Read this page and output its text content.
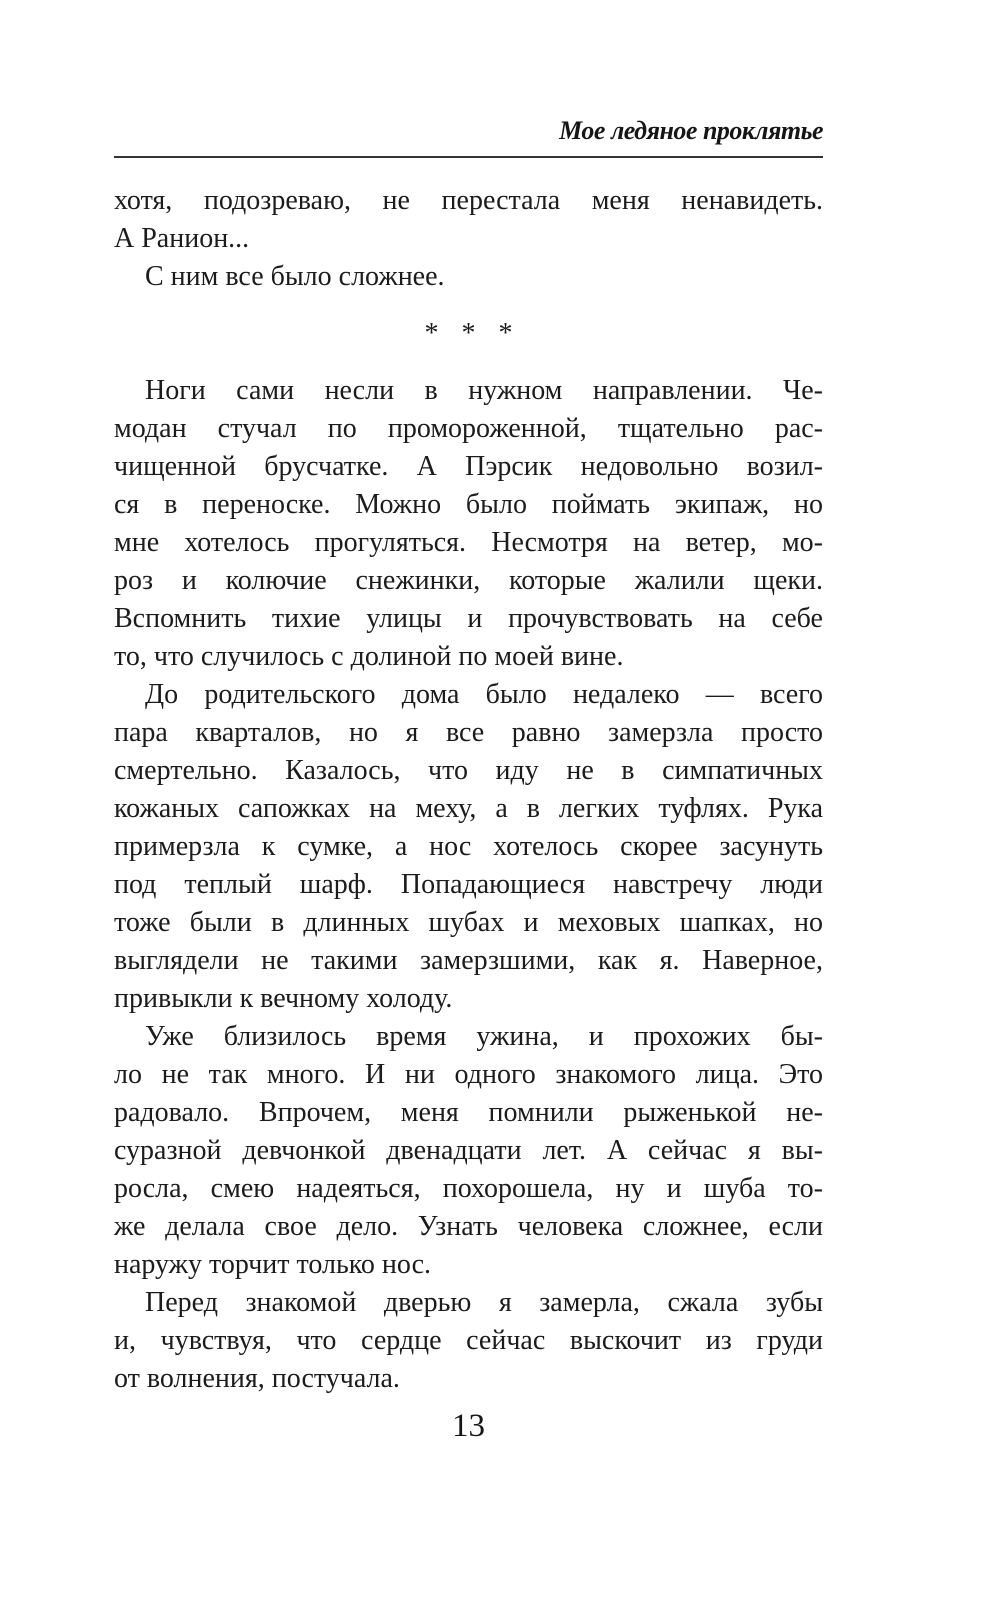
Мое ледяное проклятье
хотя, подозреваю, не перестала меня ненавидеть.
А Ранион...
С ним все было сложнее.
* * *
Ноги сами несли в нужном направлении. Че-
модан стучал по промороженной, тщательно рас-
чищенной брусчатке. А Пэрсик недовольно возил-
ся в переноске. Можно было поймать экипаж, но
мне хотелось прогуляться. Несмотря на ветер, мо-
роз и колючие снежинки, которые жалили щеки.
Вспомнить тихие улицы и прочувствовать на себе
то, что случилось с долиной по моей вине.
До родительского дома было недалеко — всего
пара кварталов, но я все равно замерзла просто
смертельно. Казалось, что иду не в симпатичных
кожаных сапожках на меху, а в легких туфлях. Рука
примерзла к сумке, а нос хотелось скорее засунуть
под теплый шарф. Попадающиеся навстречу люди
тоже были в длинных шубах и меховых шапках, но
выглядели не такими замерзшими, как я. Наверное,
привыкли к вечному холоду.
Уже близилось время ужина, и прохожих бы-
ло не так много. И ни одного знакомого лица. Это
радовало. Впрочем, меня помнили рыженькой не-
суразной девчонкой двенадцати лет. А сейчас я вы-
росла, смею надеяться, похорошела, ну и шуба то-
же делала свое дело. Узнать человека сложнее, если
наружу торчит только нос.
Перед знакомой дверью я замерла, сжала зубы
и, чувствуя, что сердце сейчас выскочит из груди
от волнения, постучала.
13
